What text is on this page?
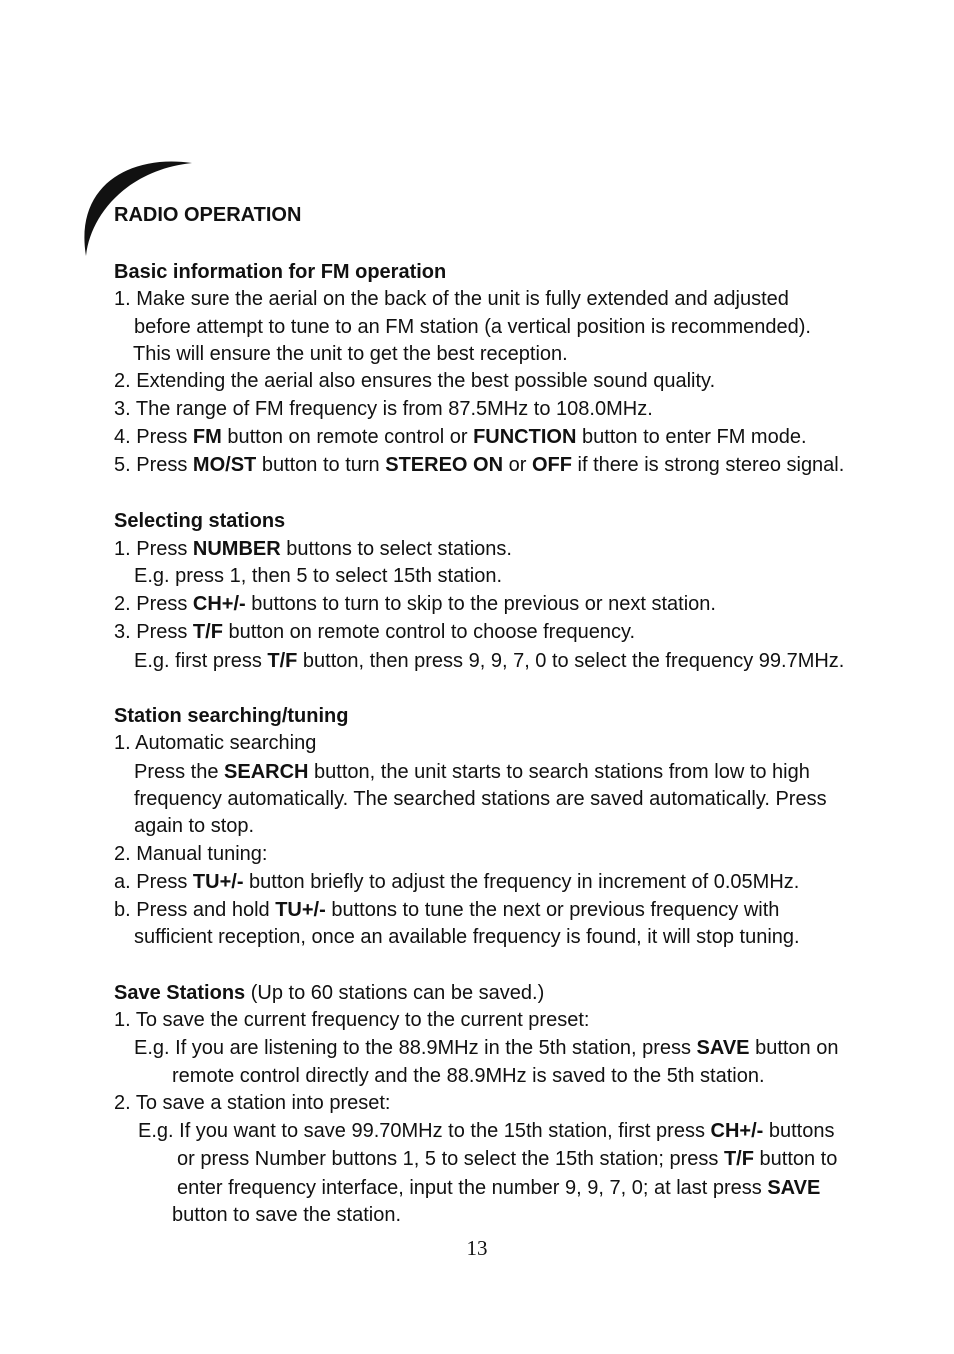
RADIO OPERATION
Basic information for FM operation
1. Make sure the aerial on the back of the unit is fully extended and adjusted
before attempt to tune to an FM station (a vertical position is recommended).
This will ensure the unit to get the best reception.
2. Extending the aerial also ensures the best possible sound quality.
3. The range of FM frequency is from 87.5MHz to 108.0MHz.
4. Press FM button on remote control or FUNCTION button to enter FM mode.
5. Press MO/ST button to turn STEREO ON or OFF if there is strong stereo signal.
Selecting stations
1. Press NUMBER buttons to select stations.
E.g. press 1, then 5 to select 15th station.
2. Press CH+/- buttons to turn to skip to the previous or next station.
3. Press T/F button on remote control to choose frequency.
E.g. first press T/F button, then press 9, 9, 7, 0 to select the frequency 99.7MHz.
Station searching/tuning
1. Automatic searching
Press the SEARCH button, the unit starts to search stations from low to high
frequency automatically. The searched stations are saved automatically. Press
again to stop.
2. Manual tuning:
a. Press TU+/- button briefly to adjust the frequency in increment of 0.05MHz.
b. Press and hold TU+/- buttons to tune the next or previous frequency with
sufficient reception, once an available frequency is found, it will stop tuning.
Save Stations (Up to 60 stations can be saved.)
1. To save the current frequency to the current preset:
E.g. If you are listening to the 88.9MHz in the 5th station, press SAVE button on
remote control directly and the 88.9MHz is saved to the 5th station.
2. To save a station into preset:
E.g. If you want to save 99.70MHz to the 15th station, first press CH+/- buttons
or press Number buttons 1, 5 to select the 15th station; press T/F button to
enter frequency interface, input the number 9, 9, 7, 0; at last press SAVE
button to save the station.
13
